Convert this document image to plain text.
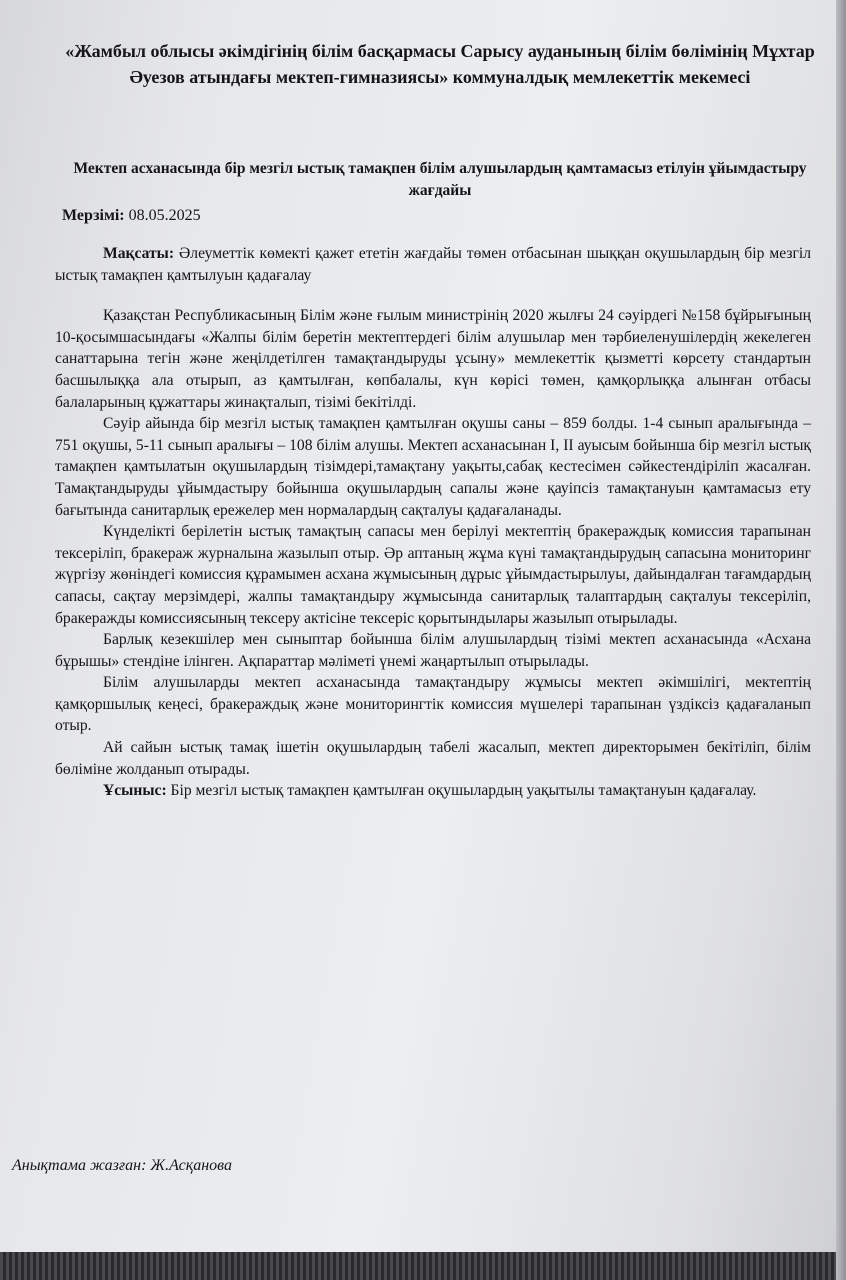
«Жамбыл облысы әкімдігінің білім басқармасы Сарысу ауданының білім бөлімінің Мұхтар Әуезов атындағы мектеп-гимназиясы» коммуналдық мемлекеттік мекемесі

Мектеп асханасында бір мезгіл ыстық тамақпен білім алушылардың қамтамасыз етілуін ұйымдастыру жағдайы

Мерзімі: 08.05.2025

Мақсаты: Әлеуметтік көмекті қажет ететін жағдайы төмен отбасынан шыққан оқушылардың бір мезгіл ыстық тамақпен қамтылуын қадағалау

Қазақстан Республикасының Білім және ғылым министрінің 2020 жылғы 24 сәуірдегі №158 бұйрығының 10-қосымшасындағы «Жалпы білім беретін мектептердегі білім алушылар мен тәрбиеленушілердің жекелеген санаттарына тегін және жеңілдетілген тамақтандыруды ұсыну» мемлекеттік қызметті көрсету стандартын басшылыққа ала отырып, аз қамтылған, көпбалалы, күн көрісі төмен, қамқорлыққа алынған отбасы балаларының құжаттары жинақталып, тізімі бекітілді.

Сәуір айында бір мезгіл ыстық тамақпен қамтылған оқушы саны – 859 болды. 1-4 сынып аралығында – 751 оқушы, 5-11 сынып аралығы – 108 білім алушы. Мектеп асханасынан І, ІІ ауысым бойынша бір мезгіл ыстық тамақпен қамтылатын оқушылардың тізімдері,тамақтану уақыты,сабақ кестесімен сәйкестендіріліп жасалған. Тамақтандыруды ұйымдастыру бойынша оқушылардың сапалы және қауіпсіз тамақтануын қамтамасыз ету бағытында санитарлық ережелер мен нормалардың сақталуы қадағаланады.

Күнделікті берілетін ыстық тамақтың сапасы мен берілуі мектептің бракераждық комиссия тарапынан тексеріліп, бракераж журналына жазылып отыр. Әр аптаның жұма күні тамақтандырудың сапасына мониторинг жүргізу жөніндегі комиссия құрамымен асхана жұмысының дұрыс ұйымдастырылуы, дайындалған тағамдардың сапасы, сақтау мерзімдері, жалпы тамақтандыру жұмысында санитарлық талаптардың сақталуы тексеріліп, бракеражды комиссиясының тексеру актісіне тексеріс қорытындылары жазылып отырылады.

Барлық кезекшілер мен сыныптар бойынша білім алушылардың тізімі мектеп асханасында «Асхана бұрышы» стендіне ілінген. Ақпараттар мәліметі үнемі жаңартылып отырылады.

Білім алушыларды мектеп асханасында тамақтандыру жұмысы мектеп әкімшілігі, мектептің қамқоршылық кеңесі, бракераждық және мониторингтік комиссия мүшелері тарапынан үздіксіз қадағаланып отыр.

Ай сайын ыстық тамақ ішетін оқушылардың табелі жасалып, мектеп директорымен бекітіліп, білім бөліміне жолданып отырады.

Ұсыныс: Бір мезгіл ыстық тамақпен қамтылған оқушылардың уақытылы тамақтануын қадағалау.

Анықтама жазған: Ж.Асқанова
